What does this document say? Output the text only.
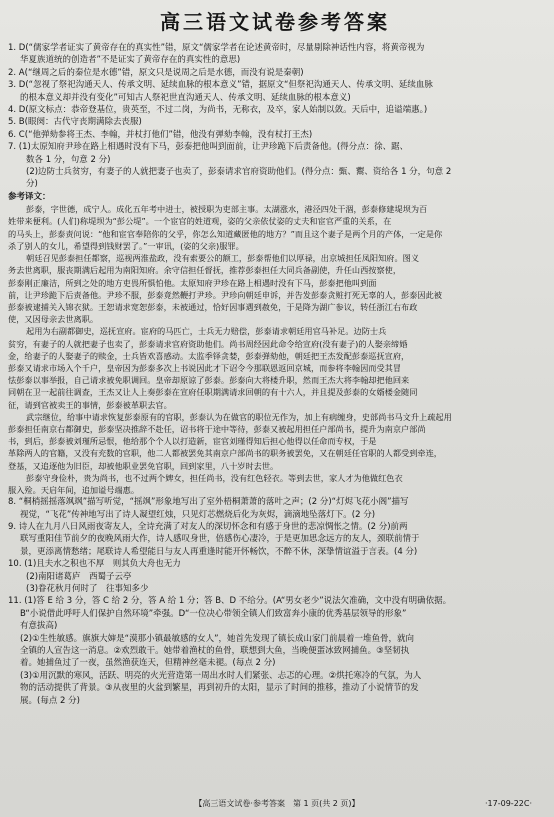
高三语文试卷参考答案
1. D(“儒家学者证实了黄帝存在的真实性”错，原文“儒家学者在论述黄帝时，尽量剔除神话性内容，将黄帝视为
华夏族道统的创造者”不是证实了黄帝存在的真实性的意思)
2. A(“继周之后的秦位是水德”错，原文只是说周之后是水德，而没有说是秦朝)
3. D(“忽视了祭祀沟通天人、传承文明、延续血脉的根本意义”错，据原文“但祭祀沟通天人、传承文明、延续血脉
的根本意义却并没有变化”可知古人祭祀世直沟通天人、传承文明、延续血脉的根本意义)
4. D(原文标点：恭帝登基位，贵英至，不过二岗，为尚书，无称衣，及卒，家人始制以敛。天后中，追谥端惠。)
5. B(眼阕：古代守丧期满除去丧服)
6. C(“他弹劾参将王杰、李翰，并杖打他们”错，他没有弹劾李翰，没有杖打王杰)
7. (1)太原知府尹珍在路上相遇时没有下马，彭泰把他叫到面前，让尹珍跪下后责备他。(得分点：徐、踞、
数各 1 分，句意 2 分)
(2)边防士兵贫穷，有妻子的人就把妻子也卖了，彭泰请求官府资助他们。(得分点：甄、鬻、资给各 1 分，句意 2
分)
参考译文：
彭泰，字世德，成宁人。成化五年考中进士，被授职为吏部主事。太湖涨水，港泾四处干涸，彭泰修建堤坝为百
姓带来便利。(人们)称堤坝为“彭公堤”。一个宦官的姓道观，姿的父亲依仗姿的丈夫和宦官严重的关系，在
的马头上，彭泰责问说：“他和宦官奉陪你的父乎，你怎么知道藏匿他的地方？”而且这个妻子是两个月的产体，一定是你
杀了别人的女儿，希望得到钱财罢了。”一审讯，(姿的父亲)服罪。
朝廷召见彭泰担任都察，巡视两淮盐政，没有索要公的额工，彭泰帮他们以厚禄，出京城担任凤阳知府。图义
务去世离职，服丧期满后起用为南阳知府。余守信担任督抚，推荐彭泰担任大同兵备副使，升任山西按察使，
彭泰刚正廉洁，所到之处的地方吏畏所惧怕他。太原知府尹珍在路上相遇时没有下马，彭泰把他叫到面
前，让尹珍跪下后责备他。尹珍不服，彭泰竟然鞭打尹珍。尹珍向朝廷申诉，并告发彭泰贪赃打死无辜的人，彭泰因此被
彭泰被逮捕关入锦衣狱。王恕请求宽恕彭泰，未被通过，恰好因事遇到赦免，于是降为湖广参议，转任浙江右布政
使，又因母亲去世离职。
起用为右副都御史，巡抚宣府。宦府的马匹亡，士兵无力赔偿，彭泰请求朝廷用官马补足。边防士兵
贫穷，有妻子的人就把妻子也卖了，彭泰请求官府资助他们。尚书周经因此命令给宣府(没有妻子)的人娶亲缔婚
金，给妻子的人娶妻子的赎金，士兵皆欢喜感动。太监季铎贪婪，彭泰弹劾他，朝廷把王杰发配彭泰巡抚宣府，
彭泰又请求市场入个千户，皇帝因为彭泰多次上书说因此才下诏令今那联恩返回京城，而参将李翰因而受其冒
怯彭泰以事举报，自己请求被免职调回。皇帝却原谅了彭泰。彭泰向大将楼升职，然而王杰大将李翰却把他回来
同朝在卫一起前往调查，王杰又让人上奏彭泰在宣府任职期满请求回朝的有十六人，并且提及彭泰的女婿楼金随同
征，请到官被卖王的事情，彭泰被革职去官。
武宗继位，给事中请求恢复彭泰原有的官职，彭泰认为在做官的职位无作为，加上有病缠身，史部尚书马文升上疏起用
彭泰担任南京右都御史，彭泰坚决推辞不赴任，诏书将于途中等待，彭泰又被起用担任户部尚书，提升为南京户部尚
书，到后，彭泰被刘瑾所忌恨，他给那个个人以打造新，宦官刘瑾得知后担心他得以任命而专权，于是
革除两人的官籍，又没有充数的官职，他二人都被罢免其南京户部尚书的职务被罢免，又在朝廷任官职的人都受到牵连，
登基，又追逐他为旧臣，却被他职业罢免官职，回到家里，八十岁时去世。
彭泰守身俭朴，贵为尚书，也不过两个婢女，担任尚书，没有红色轻衣。等到去世，家人才为他做红色衣
服入殓。天启年间，追加谥号端惠。
8. “桐梢摇摇落飒飒”描写听觉，“摇飒”形象地写出了室外梧桐萧萧的落叶之声；(2 分)“灯烬飞花小阁”描写
视觉，“飞花”传神地写出了诗人凝望红烛，只见灯芯燃烧后化为灰烬，滴滴地坠落灯下。(2 分)
9. 诗人在九月八日风雨夜寄友人，全诗充满了对友人的深切怀念和有感于身世的悲凉惆怅之情。(2 分)前两
联写重阳佳节前夕的夜晚风雨大作，诗人感叹身世，倍感伤心凄冷，于是更加思念远方的友人，颈联前情于
景，更添离情愁绪；尾联诗人希望能日与友人再重逢时能开怀畅饮，不醉不休，深挚情谊溢于言表。(4 分)
10. (1)且夫水之积也不厚　则其负大舟也无力
(2)南阳诸葛庐　西蜀子云亭
(3)眷花秋月何时了　往事知多少
11. (1)答 E 给 3 分，答 C 给 2 分，答 A 给 1 分；答 B、D 不给分。(A“男女老少”说法欠准确，文中没有明确依据。
B“小说借此呼吁人们保护自然环境”牵强。D“一位决心带领全镇人们致富奔小康的优秀基层领导的形象”
有意拔高)
(2)①生性敏感。旗旗大婶是“漠那小镇最敏感的女人”，她首先发现了镇长成山家门前晨着一堆鱼骨，就向
全镇的人宣告这一消息。②欢烈敢干。她带着渔杖的鱼骨，联想到大鱼，当晚便蛋冰致网捕鱼。③坚韧执
着。她捕鱼过了一夜，虽然渔获连天，但精神丝毫未褪。(每点 2 分)
(3)①用沉默的寒风，活跃、明亮的火光营造第一周出水时人们紧张、忐忑的心理。②烘托寒冷的气氛，为人
物的活动提供了背景。③从夜里的火盆到繁星，再到初升的太阳，显示了时间的推移，推动了小说情节的发
展。(每点 2 分)
【高三语文试卷·参考答案　第 1 页(共 2 页)】	·17-09-22C·
